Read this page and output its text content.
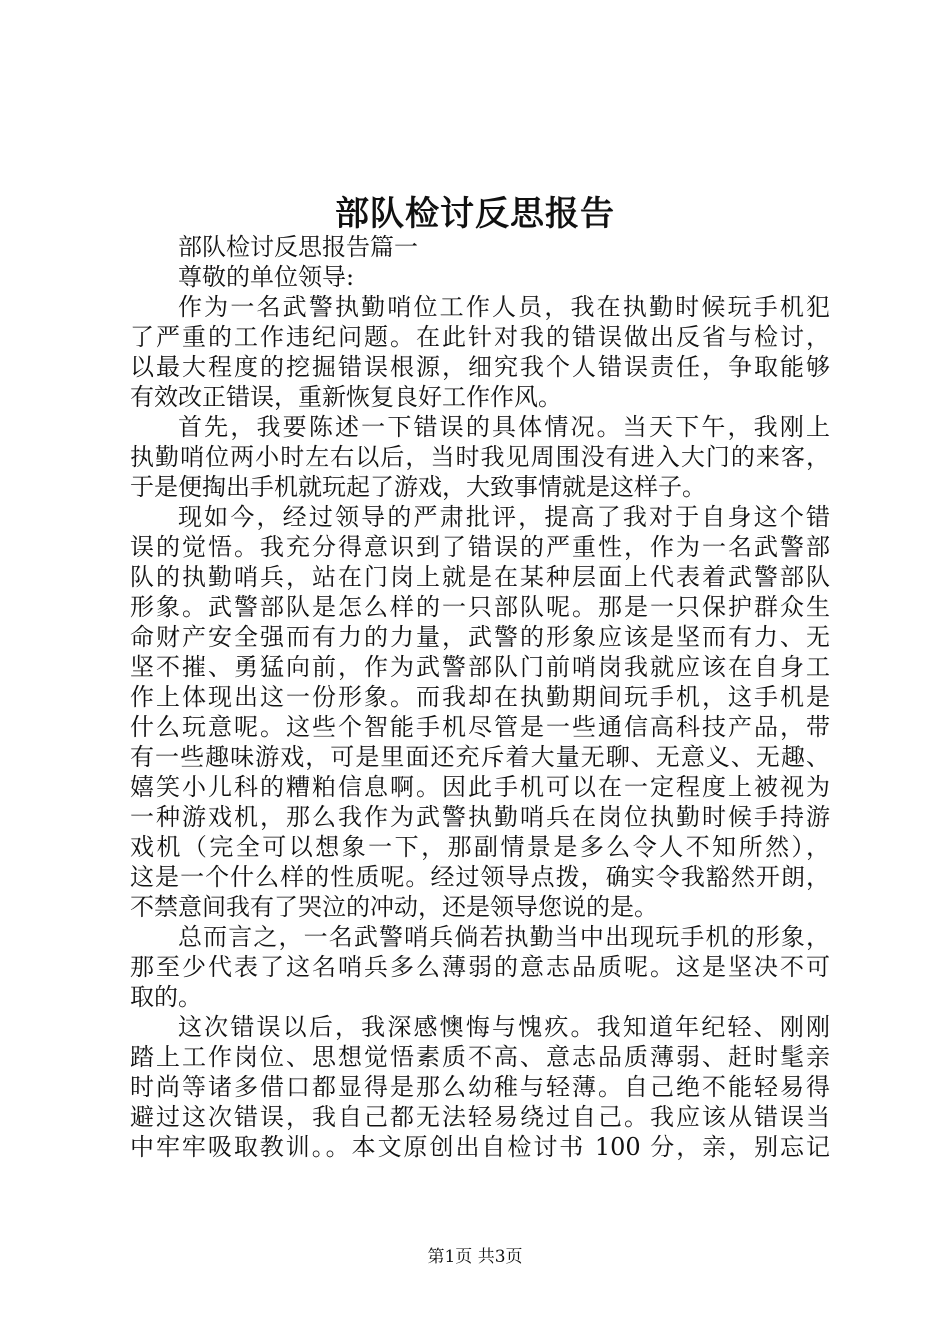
部队检讨反思报告
部队检讨反思报告篇一
尊敬的单位领导:
作为一名武警执勤哨位工作人员，我在执勤时候玩手机犯
了严重的工作违纪问题。在此针对我的错误做出反省与检讨，
以最大程度的挖掘错误根源，细究我个人错误责任，争取能够
有效改正错误，重新恢复良好工作作风。
首先，我要陈述一下错误的具体情况。当天下午，我刚上
执勤哨位两小时左右以后，当时我见周围没有进入大门的来客，
于是便掏出手机就玩起了游戏，大致事情就是这样子。
现如今，经过领导的严肃批评，提高了我对于自身这个错
误的觉悟。我充分得意识到了错误的严重性，作为一名武警部
队的执勤哨兵，站在门岗上就是在某种层面上代表着武警部队
形象。武警部队是怎么样的一只部队呢。那是一只保护群众生
命财产安全强而有力的力量，武警的形象应该是坚而有力、无
坚不摧、勇猛向前，作为武警部队门前哨岗我就应该在自身工
作上体现出这一份形象。而我却在执勤期间玩手机，这手机是
什么玩意呢。这些个智能手机尽管是一些通信高科技产品，带
有一些趣味游戏，可是里面还充斥着大量无聊、无意义、无趣、
嬉笑小儿科的糟粕信息啊。因此手机可以在一定程度上被视为
一种游戏机，那么我作为武警执勤哨兵在岗位执勤时候手持游
戏机（完全可以想象一下，那副情景是多么令人不知所然），
这是一个什么样的性质呢。经过领导点拨，确实令我豁然开朗，
不禁意间我有了哭泣的冲动，还是领导您说的是。
总而言之，一名武警哨兵倘若执勤当中出现玩手机的形象，
那至少代表了这名哨兵多么薄弱的意志品质呢。这是坚决不可
取的。
这次错误以后，我深感懊悔与愧疚。我知道年纪轻、刚刚
踏上工作岗位、思想觉悟素质不高、意志品质薄弱、赶时髦亲
时尚等诸多借口都显得是那么幼稚与轻薄。自己绝不能轻易得
避过这次错误，我自己都无法轻易绕过自己。我应该从错误当
中牢牢吸取教训。。本文原创出自检讨书 100 分，亲，别忘记
第1页 共3页
